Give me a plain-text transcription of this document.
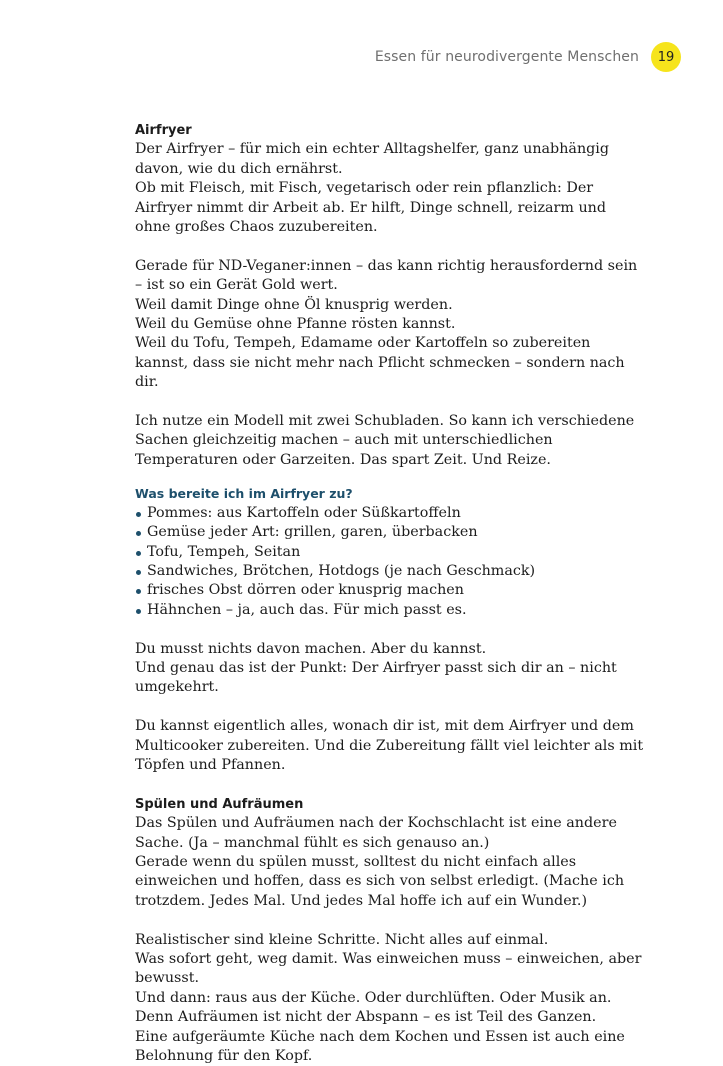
Essen für neurodivergente Menschen	19

Airfryer

Der Airfryer – für mich ein echter Alltagshelfer, ganz unabhängig davon, wie du dich ernährst.

Ob mit Fleisch, mit Fisch, vegetarisch oder rein pflanzlich: Der Airfryer nimmt dir Arbeit ab. Er hilft, Dinge schnell, reizarm und ohne großes Chaos zuzubereiten.

Gerade für ND-Veganer:innen – das kann richtig herausfordernd sein – ist so ein Gerät Gold wert.

Weil damit Dinge ohne Öl knusprig werden.

Weil du Gemüse ohne Pfanne rösten kannst.

Weil du Tofu, Tempeh, Edamame oder Kartoffeln so zubereiten kannst, dass sie nicht mehr nach Pflicht schmecken – sondern nach dir.

Ich nutze ein Modell mit zwei Schubladen. So kann ich verschiedene Sachen gleichzeitig machen – auch mit unterschiedlichen Temperaturen oder Garzeiten. Das spart Zeit. Und Reize.

Was bereite ich im Airfryer zu?

Pommes: aus Kartoffeln oder Süßkartoffeln
Gemüse jeder Art: grillen, garen, überbacken
Tofu, Tempeh, Seitan
Sandwiches, Brötchen, Hotdogs (je nach Geschmack)
frisches Obst dörren oder knusprig machen
Hähnchen – ja, auch das. Für mich passt es.

Du musst nichts davon machen. Aber du kannst.

Und genau das ist der Punkt: Der Airfryer passt sich dir an – nicht umgekehrt.

Du kannst eigentlich alles, wonach dir ist, mit dem Airfryer und dem Multicooker zubereiten. Und die Zubereitung fällt viel leichter als mit Töpfen und Pfannen.

Spülen und Aufräumen

Das Spülen und Aufräumen nach der Kochschlacht ist eine andere Sache. (Ja – manchmal fühlt es sich genauso an.)

Gerade wenn du spülen musst, solltest du nicht einfach alles einweichen und hoffen, dass es sich von selbst erledigt. (Mache ich trotzdem. Jedes Mal. Und jedes Mal hoffe ich auf ein Wunder.)

Realistischer sind kleine Schritte. Nicht alles auf einmal.

Was sofort geht, weg damit. Was einweichen muss – einweichen, aber bewusst.

Und dann: raus aus der Küche. Oder durchlüften. Oder Musik an.

Denn Aufräumen ist nicht der Abspann – es ist Teil des Ganzen.

Eine aufgeräumte Küche nach dem Kochen und Essen ist auch eine Belohnung für den Kopf.
